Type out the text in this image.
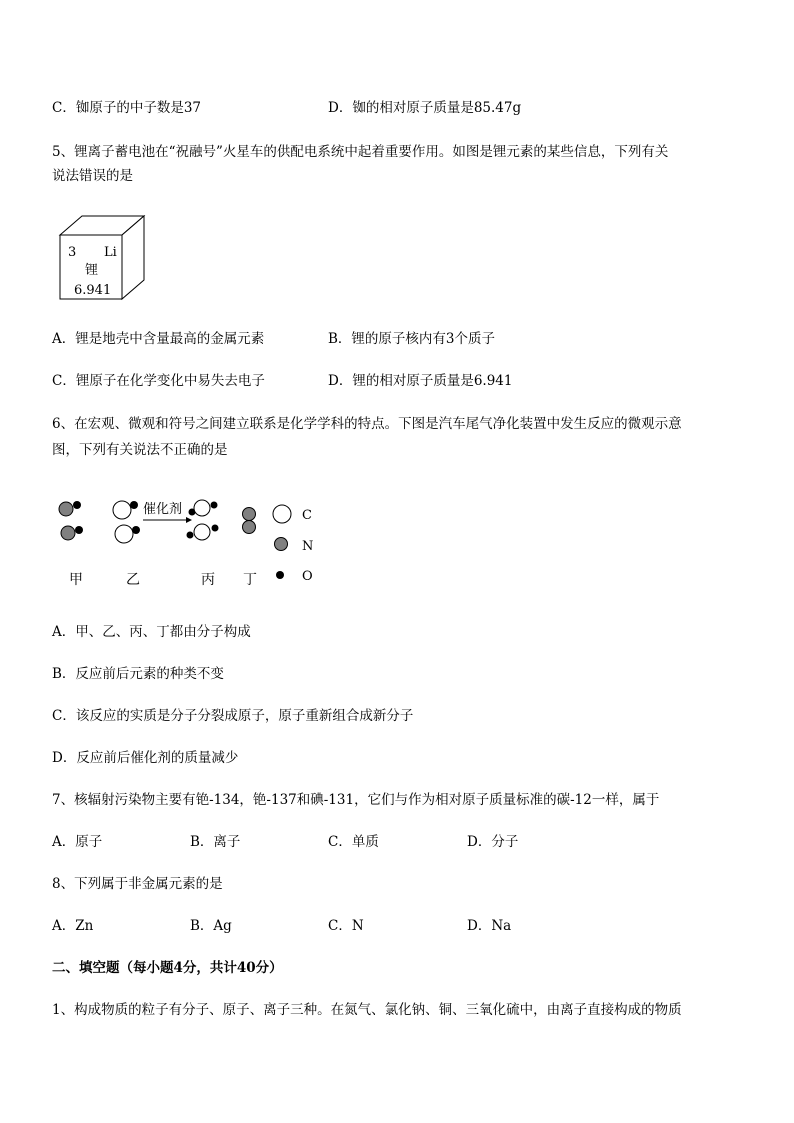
C．铷原子的中子数是37	D．铷的相对原子质量是85.47g
5、锂离子蓄电池在“祝融号”火星车的供配电系统中起着重要作用。如图是锂元素的某些信息，下列有关
说法错误的是
3 Li
锂
6.941
A．锂是地壳中含量最高的金属元素	B．锂的原子核内有3个质子
C．锂原子在化学变化中易失去电子	D．锂的相对原子质量是6.941
6、在宏观、微观和符号之间建立联系是化学学科的特点。下图是汽车尾气净化装置中发生反应的微观示意
图，下列有关说法不正确的是
催化剂	C
N
O
甲	乙	丙 丁
A．甲、乙、丙、丁都由分子构成
B．反应前后元素的种类不变
C．该反应的实质是分子分裂成原子，原子重新组合成新分子
D．反应前后催化剂的质量减少
7、核辐射污染物主要有铯-134，铯-137和碘-131，它们与作为相对原子质量标准的碳-12一样，属于
A．原子	B．离子	C．单质	D．分子
8、下列属于非金属元素的是
A．Zn	B．Ag	C．N	D．Na
二、填空题（每小题4分，共计40分）
1、构成物质的粒子有分子、原子、离子三种。在氮气、氯化钠、铜、三氧化硫中，由离子直接构成的物质
